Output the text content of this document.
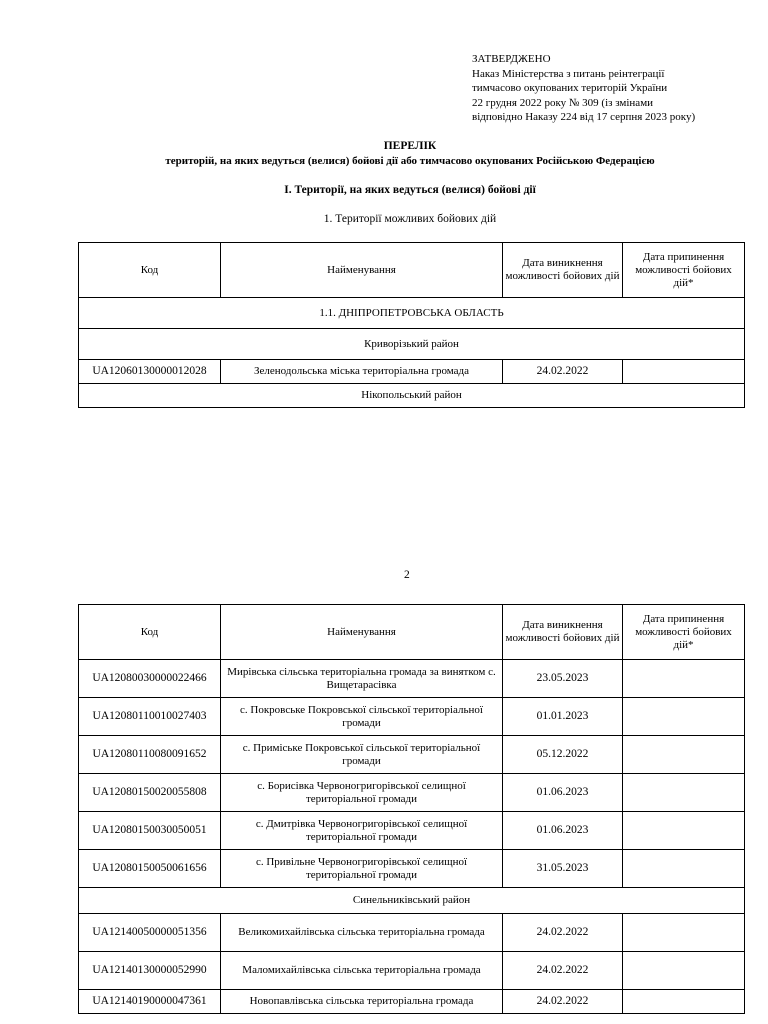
ЗАТВЕРДЖЕНО
Наказ Міністерства з питань реінтеграції
тимчасово окупованих територій України
22 грудня 2022 року № 309 (із змінами
відповідно Наказу 224 від 17 серпня 2023 року)
ПЕРЕЛІК
територій, на яких ведуться (велися) бойові дії або тимчасово окупованих Російською Федерацією
І. Території, на яких ведуться (велися) бойові дії
1. Території можливих бойових дій
Код	Найменування	Дата виникнення можливості бойових дій	Дата припинення можливості бойових дій*
1.1. ДНІПРОПЕТРОВСЬКА ОБЛАСТЬ			
Криворізький район			
UA12060130000012028	Зеленодольська міська територіальна громада	24.02.2022	
Нікопольський район			
2
Код	Найменування	Дата виникнення можливості бойових дій	Дата припинення можливості бойових дій*
UA12080030000022466	Мирівська сільська територіальна громада за винятком с. Вищетарасівка	23.05.2023	
UA12080110010027403	с. Покровське Покровської сільської територіальної громади	01.01.2023	
UA12080110080091652	с. Приміське Покровської сільської територіальної громади	05.12.2022	
UA12080150020055808	с. Борисівка Червоногригорівської селищної територіальної громади	01.06.2023	
UA12080150030050051	с. Дмитрівка Червоногригорівської селищної територіальної громади	01.06.2023	
UA12080150050061656	с. Привільне Червоногригорівської селищної територіальної громади	31.05.2023	
Синельниківський район			
UA12140050000051356	Великомихайлівська сільська територіальна громада	24.02.2022	
UA12140130000052990	Маломихайлівська сільська територіальна громада	24.02.2022	
UA12140190000047361	Новопавлівська сільська територіальна громада	24.02.2022	
